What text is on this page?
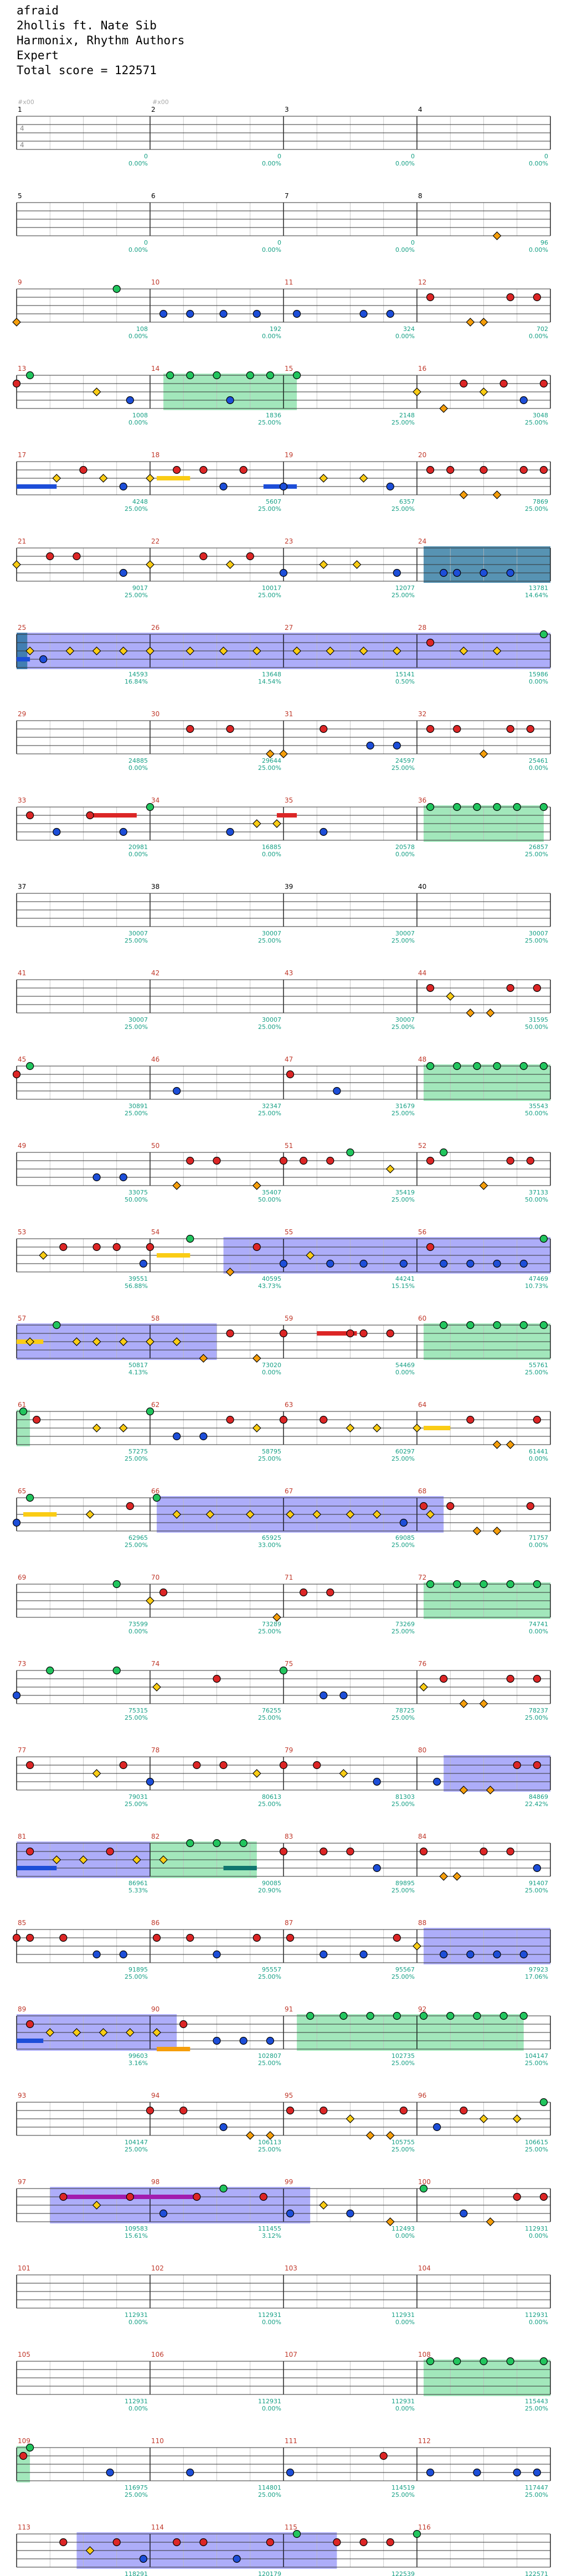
afraid
2hollis ft. Nate Sib
Harmonix, Rhythm Authors
Expert
Total score = 122571
1
0
0.00%
2
0
0.00%
3
0
0.00%
4
0
0.00%
5
0
0.00%
6
0
0.00%
7
0
0.00%
8
96
0.00%
9
108
0.00%
10
192
0.00%
11
324
0.00%
12
702
0.00%
13
1008
0.00%
14
1836
25.00%
15
2148
25.00%
16
3048
25.00%
17
4248
25.00%
18
5607
25.00%
19
6357
25.00%
20
7869
25.00%
21
9017
25.00%
22
10017
25.00%
23
12077
25.00%
24
13781
14.64%
25
14593
16.84%
26
13648
14.54%
27
15141
0.50%
28
15986
0.00%
29
24885
0.00%
30
29644
25.00%
31
24597
25.00%
32
25461
0.00%
33
20981
0.00%
34
16885
0.00%
35
20578
0.00%
36
26857
25.00%
37
30007
25.00%
38
30007
25.00%
39
30007
25.00%
40
30007
25.00%
41
30007
25.00%
42
30007
25.00%
43
30007
25.00%
44
31595
50.00%
45
30891
25.00%
46
32347
25.00%
47
31679
25.00%
48
35543
50.00%
49
33075
50.00%
50
35407
50.00%
51
35419
25.00%
52
37133
50.00%
53
39551
56.88%
54
40595
43.73%
55
44241
15.15%
56
47469
10.73%
57
50817
4.13%
58
73020
0.00%
59
54469
0.00%
60
55761
25.00%
61
57275
25.00%
62
58795
25.00%
63
60297
25.00%
64
61441
0.00%
65
62965
25.00%
66
65925
33.00%
67
69085
25.00%
68
71757
0.00%
69
73599
0.00%
70
73289
25.00%
71
73269
25.00%
72
74741
0.00%
73
75315
25.00%
74
76255
25.00%
75
78725
25.00%
76
78237
25.00%
77
79031
25.00%
78
80613
25.00%
79
81303
25.00%
80
84869
22.42%
81
86961
5.33%
82
90085
20.90%
83
89895
25.00%
84
91407
25.00%
85
91895
25.00%
86
95557
25.00%
87
95567
25.00%
88
97923
17.06%
89
99603
3.16%
90
102807
25.00%
91
102735
25.00%
92
104147
25.00%
93
104147
25.00%
94
106113
25.00%
95
105755
25.00%
96
106615
25.00%
97
109583
15.61%
98
111455
3.12%
99
112493
0.00%
100
112931
0.00%
101
112931
0.00%
102
112931
0.00%
103
112931
0.00%
104
112931
0.00%
105
112931
0.00%
106
112931
0.00%
107
112931
0.00%
108
115443
25.00%
109
116975
25.00%
110
114801
25.00%
111
114519
25.00%
112
117447
25.00%
113
118291
114
120179
115
122539
116
122571
4
4
#x00	#x00
